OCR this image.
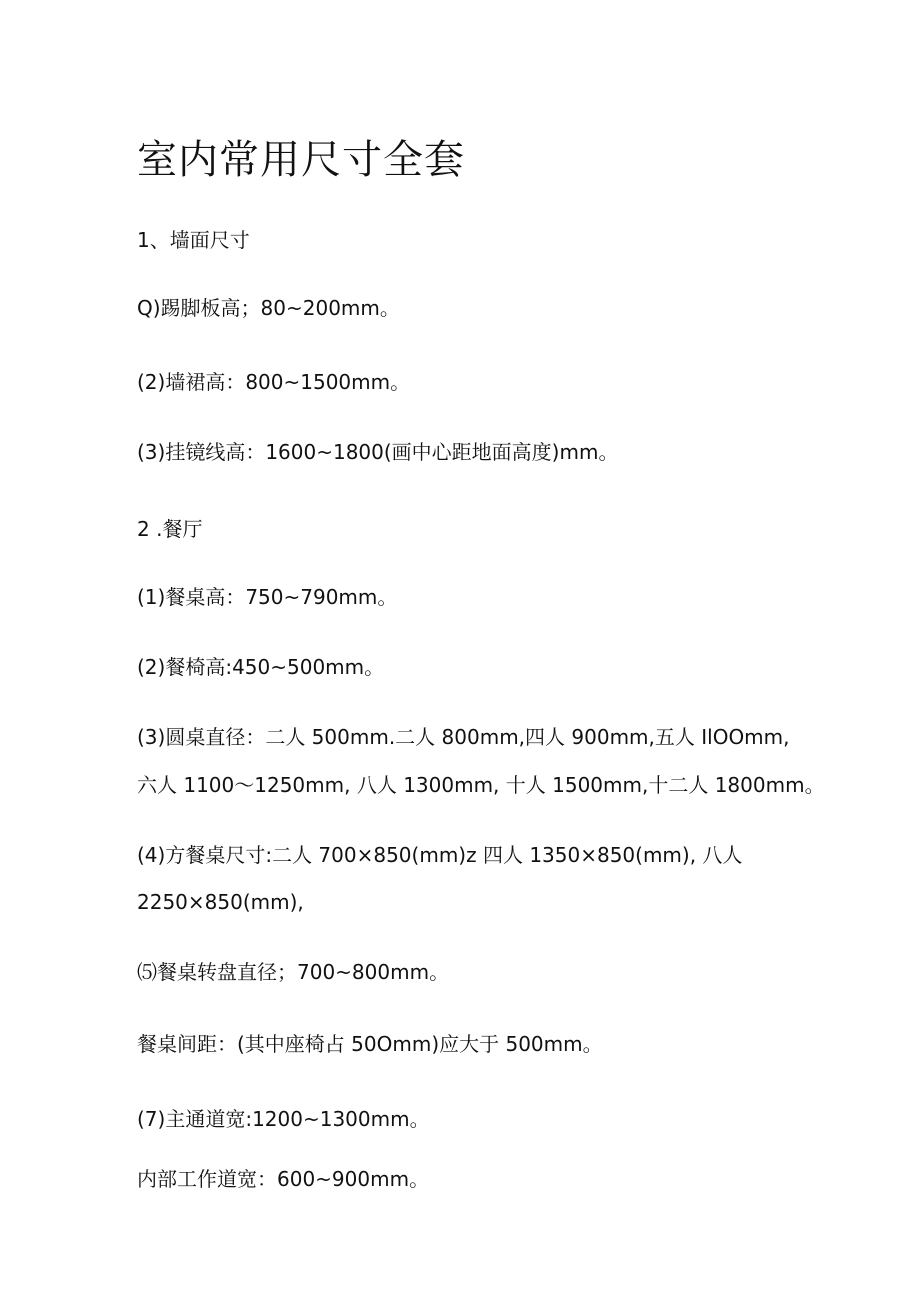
室内常用尺寸全套

1、墙面尺寸

Q)踢脚板高；80~200mm。

(2)墙裙高：800~1500mm。

(3)挂镜线高：1600~1800(画中心距地面高度)mm。

2 .餐厅

(1)餐桌高：750~790mm。

(2)餐椅高:450~500mm。

(3)圆桌直径：二人 500mm.二人 800mm,四人 900mm,五人 IlOOmm,

六人 1100～1250mm, 八人 1300mm, 十人 1500mm,十二人 1800mm。

(4)方餐桌尺寸:二人 700×850(mm)z 四人 1350×850(mm), 八人

2250×850(mm),

⑸餐桌转盘直径；700~800mm。

餐桌间距：(其中座椅占 50Omm)应大于 500mm。

(7)主通道宽:1200~1300mm。

内部工作道宽：600~900mm。
